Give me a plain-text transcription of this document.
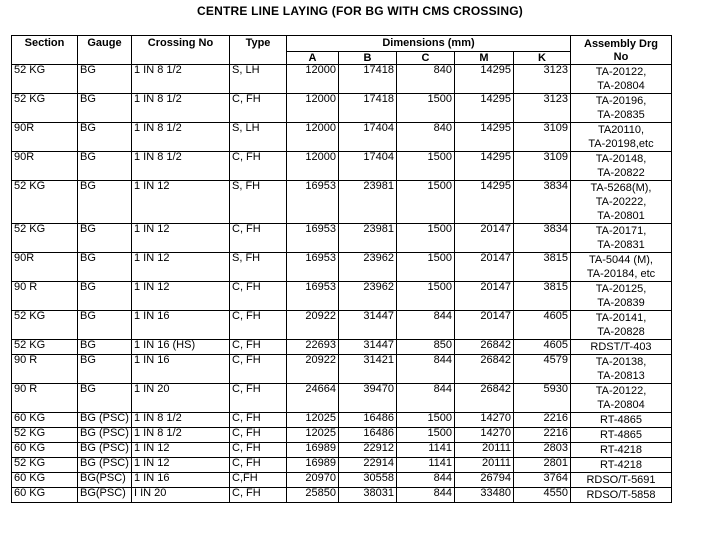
CENTRE LINE LAYING (FOR BG WITH CMS CROSSING)
Section	Gauge	Crossing No	Type	Dimensions (mm)					Assembly Drg
No
				A	B	C	M	K	
52 KG	BG	1 IN 8 1/2	S, LH	12000	17418	840	14295	3123	TA-20122,
TA-20804

52 KG	BG	1 IN 8 1/2	C, FH	12000	17418	1500	14295	3123	TA-20196,
TA-20835

90R	BG	1 IN 8 1/2	S, LH	12000	17404	840	14295	3109	TA20110,
TA-20198,etc

90R	BG	1 IN 8 1/2	C, FH	12000	17404	1500	14295	3109	TA-20148,
TA-20822

52 KG	BG	1 IN 12	S, FH	16953	23981	1500	14295	3834	TA-5268(M),
TA-20222,
TA-20801

52 KG	BG	1 IN 12	C, FH	16953	23981	1500	20147	3834	TA-20171,
TA-20831

90R	BG	1 IN 12	S, FH	16953	23962	1500	20147	3815	TA-5044 (M),
TA-20184, etc

90 R	BG	1 IN 12	C, FH	16953	23962	1500	20147	3815	TA-20125,
TA-20839

52 KG	BG	1 IN 16	C, FH	20922	31447	844	20147	4605	TA-20141,
TA-20828

52 KG	BG	1 IN 16 (HS)	C, FH	22693	31447	850	26842	4605	RDST/T-403

90 R	BG	1 IN 16	C, FH	20922	31421	844	26842	4579	TA-20138,
TA-20813

90 R	BG	1 IN 20	C, FH	24664	39470	844	26842	5930	TA-20122,
TA-20804

60 KG	BG (PSC)	1 IN 8 1/2	C, FH	12025	16486	1500	14270	2216	RT-4865

52 KG	BG (PSC)	1 IN 8 1/2	C, FH	12025	16486	1500	14270	2216	RT-4865

60 KG	BG (PSC)	1 IN 12	C, FH	16989	22912	1141	20111	2803	RT-4218

52 KG	BG (PSC)	1 IN 12	C, FH	16989	22914	1141	20111	2801	RT-4218

60 KG	BG(PSC)	1 IN 16	C,FH	20970	30558	844	26794	3764	RDSO/T-5691

60 KG	BG(PSC)	I IN 20	C, FH	25850	38031	844	33480	4550	RDSO/T-5858
